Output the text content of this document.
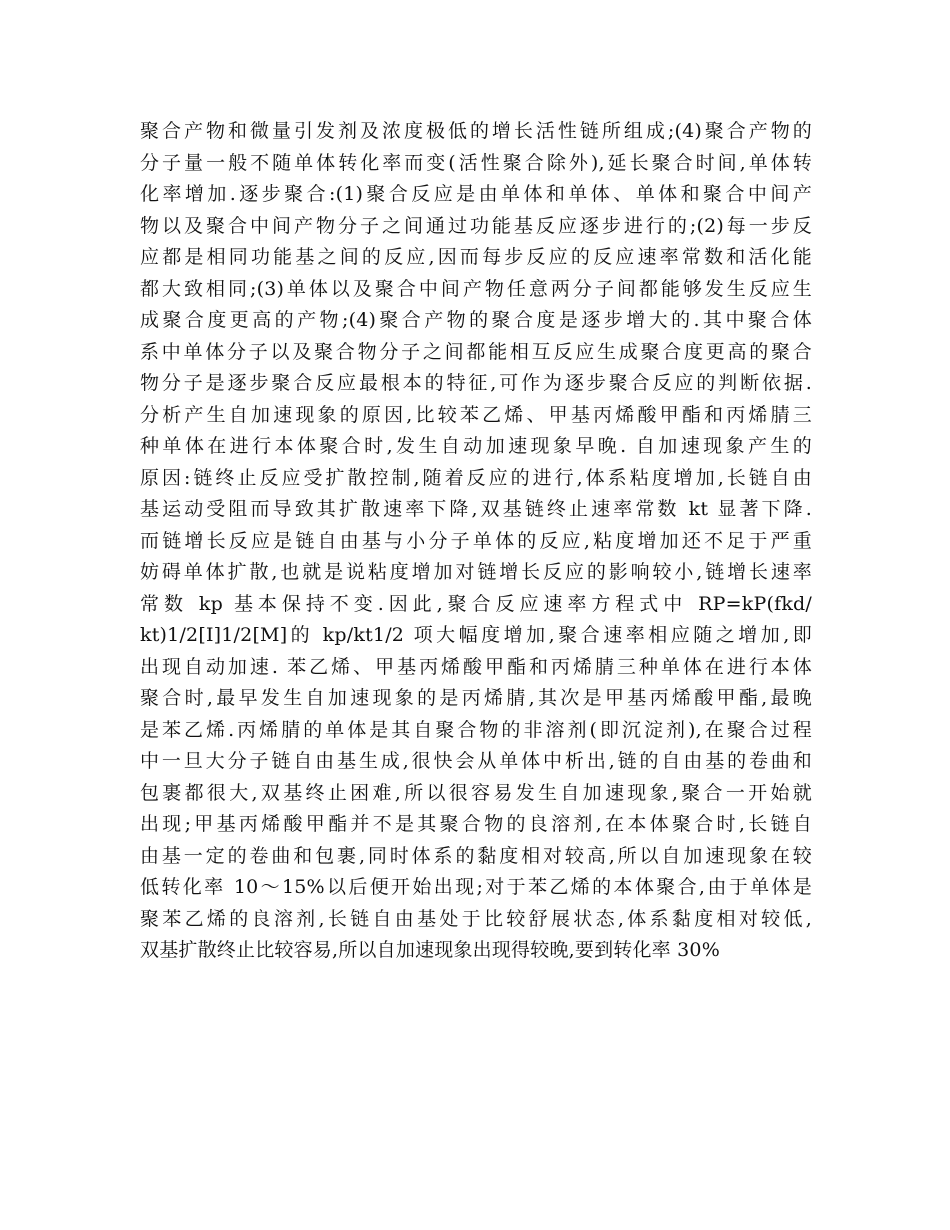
聚合产物和微量引发剂及浓度极低的增长活性链所组成;(4)聚合产物的
分子量一般不随单体转化率而变(活性聚合除外),延长聚合时间,单体转
化率增加.逐步聚合:(1)聚合反应是由单体和单体、单体和聚合中间产
物以及聚合中间产物分子之间通过功能基反应逐步进行的;(2)每一步反
应都是相同功能基之间的反应,因而每步反应的反应速率常数和活化能
都大致相同;(3)单体以及聚合中间产物任意两分子间都能够发生反应生
成聚合度更高的产物;(4)聚合产物的聚合度是逐步增大的.其中聚合体
系中单体分子以及聚合物分子之间都能相互反应生成聚合度更高的聚合
物分子是逐步聚合反应最根本的特征,可作为逐步聚合反应的判断依据.
分析产生自加速现象的原因,比较苯乙烯、甲基丙烯酸甲酯和丙烯腈三
种单体在进行本体聚合时,发生自动加速现象早晚. 自加速现象产生的
原因:链终止反应受扩散控制,随着反应的进行,体系粘度增加,长链自由
基运动受阻而导致其扩散速率下降,双基链终止速率常数 kt 显著下降.
而链增长反应是链自由基与小分子单体的反应,粘度增加还不足于严重
妨碍单体扩散,也就是说粘度增加对链增长反应的影响较小,链增长速率
常数 kp 基本保持不变.因此,聚合反应速率方程式中 RP=kP(fkd/
kt)1/2[I]1/2[M]的 kp/kt1/2 项大幅度增加,聚合速率相应随之增加,即
出现自动加速. 苯乙烯、甲基丙烯酸甲酯和丙烯腈三种单体在进行本体
聚合时,最早发生自加速现象的是丙烯腈,其次是甲基丙烯酸甲酯,最晚
是苯乙烯.丙烯腈的单体是其自聚合物的非溶剂(即沉淀剂),在聚合过程
中一旦大分子链自由基生成,很快会从单体中析出,链的自由基的卷曲和
包裹都很大,双基终止困难,所以很容易发生自加速现象,聚合一开始就
出现;甲基丙烯酸甲酯并不是其聚合物的良溶剂,在本体聚合时,长链自
由基一定的卷曲和包裹,同时体系的黏度相对较高,所以自加速现象在较
低转化率 10～15%以后便开始出现;对于苯乙烯的本体聚合,由于单体是
聚苯乙烯的良溶剂,长链自由基处于比较舒展状态,体系黏度相对较低,
双基扩散终止比较容易,所以自加速现象出现得较晚,要到转化率 30%
